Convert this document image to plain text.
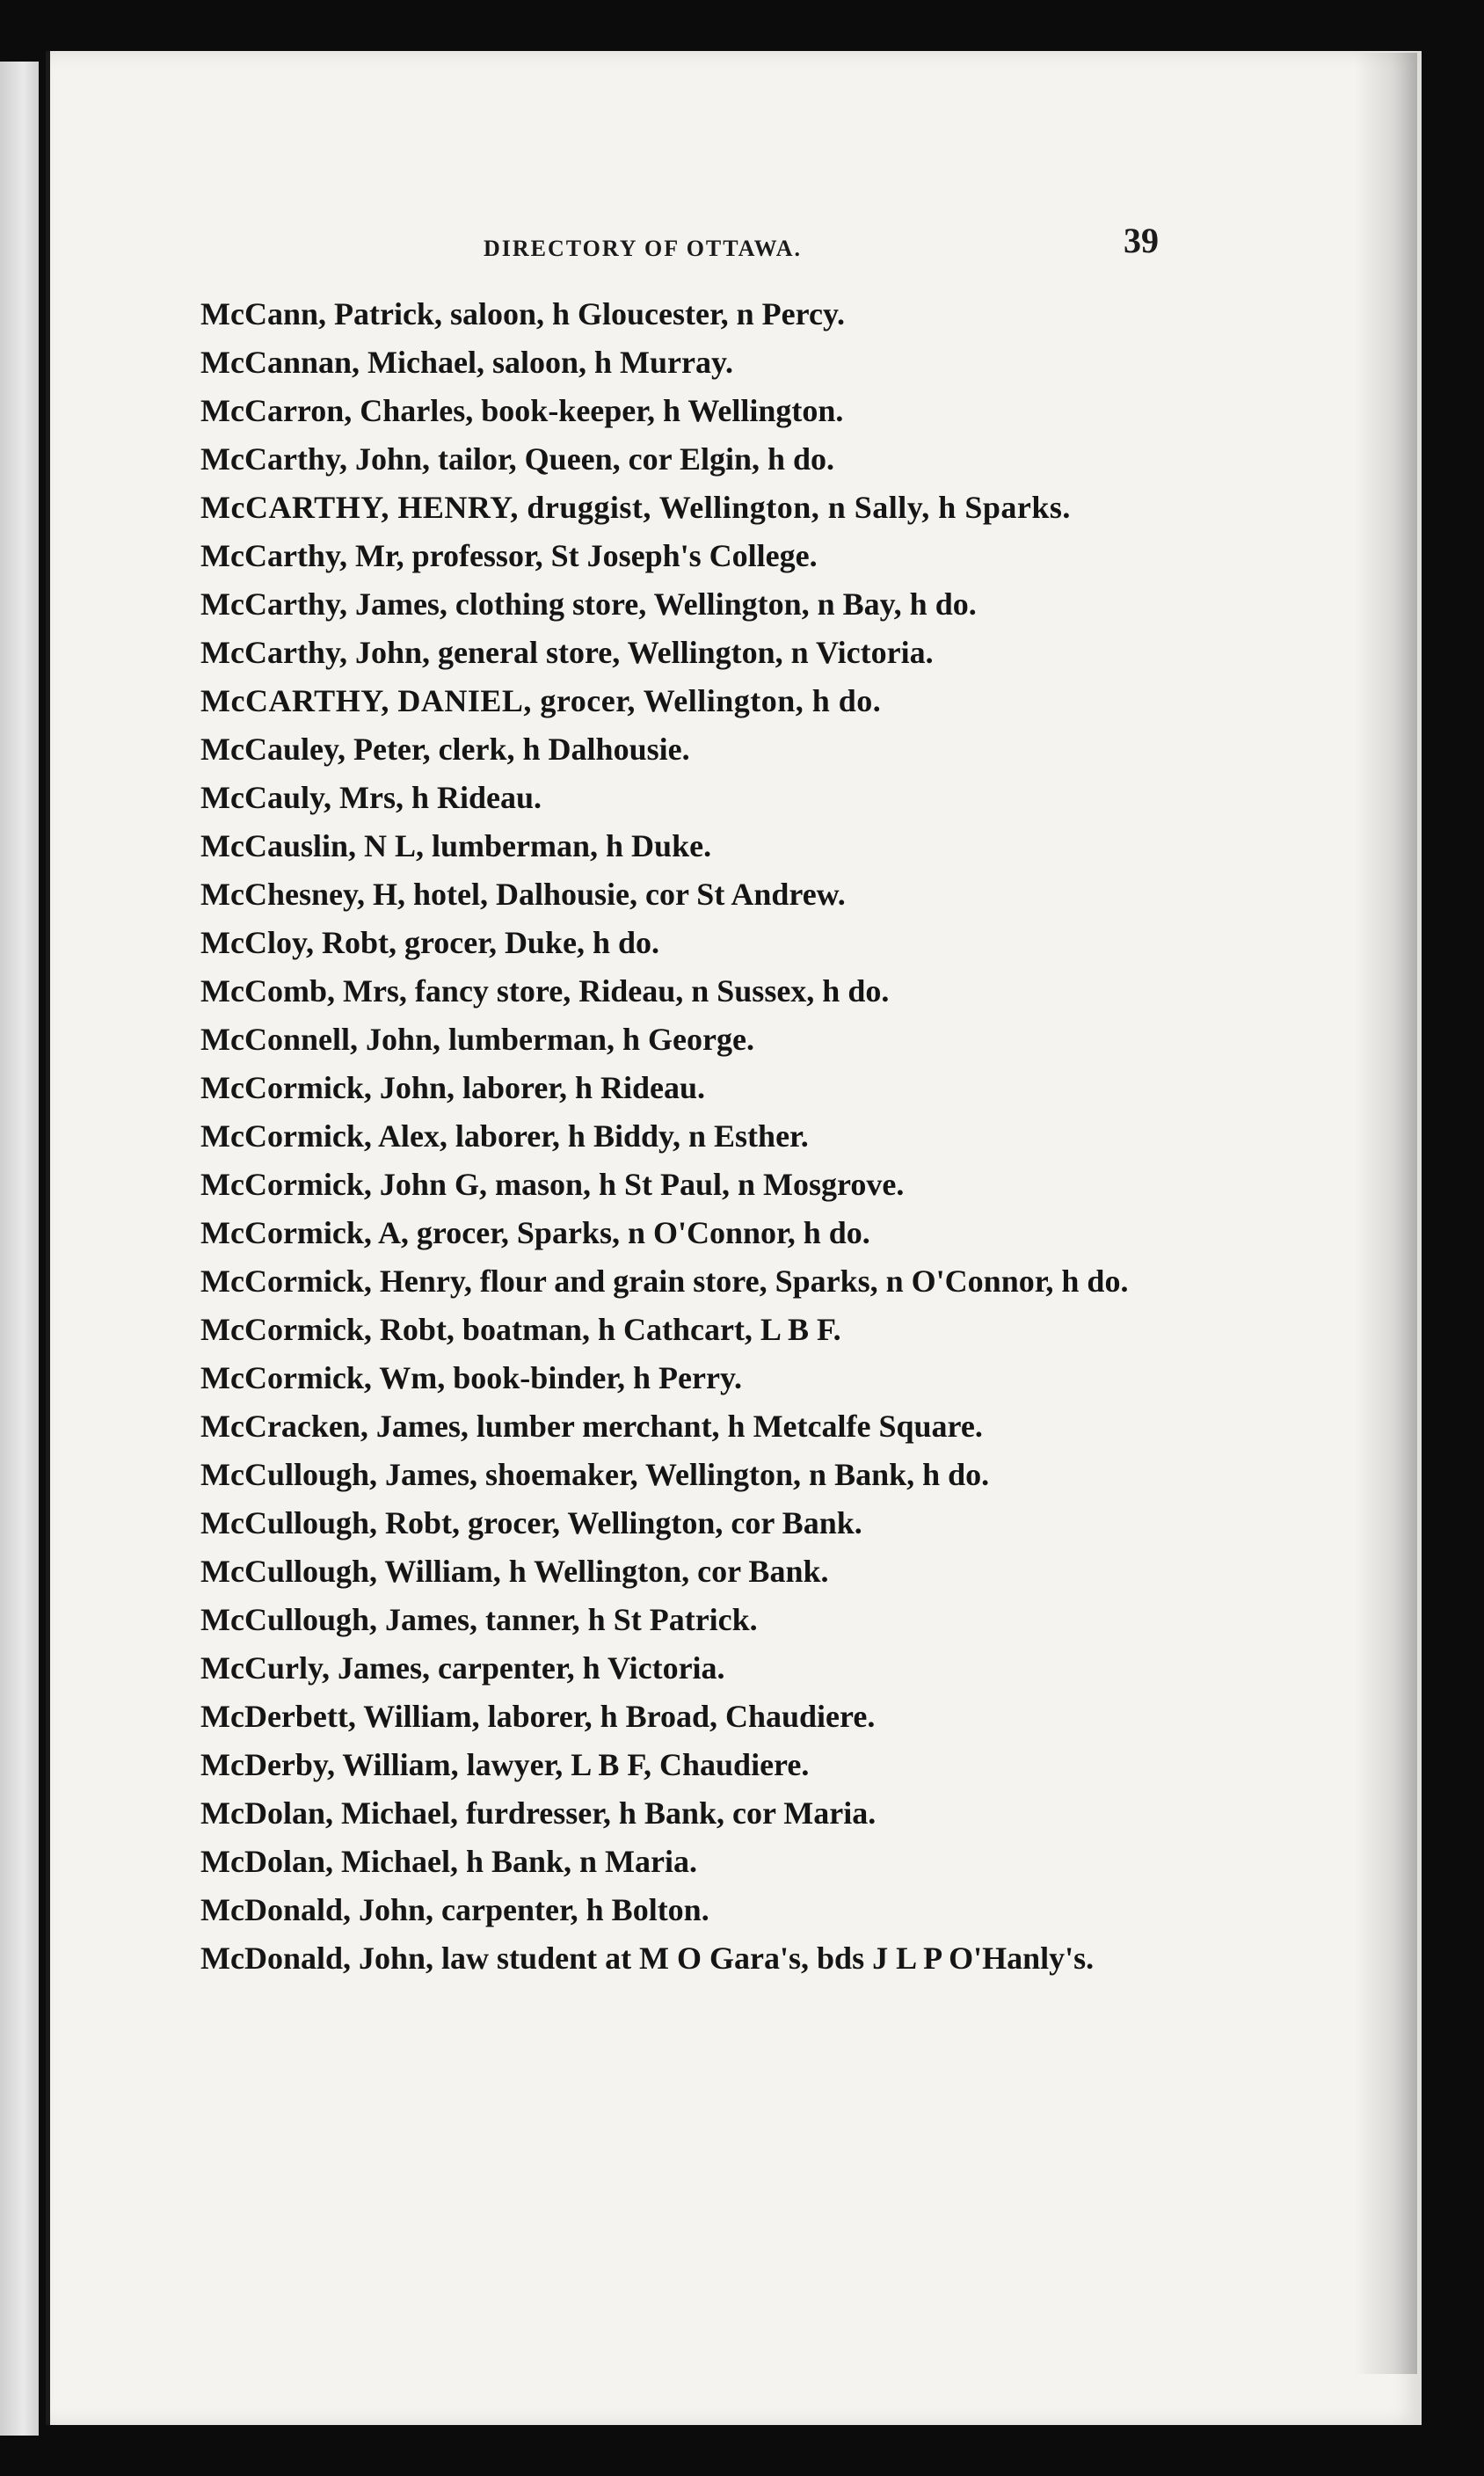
DIRECTORY OF OTTAWA.	39
McCann, Patrick, saloon, h Gloucester, n Percy.
McCannan, Michael, saloon, h Murray.
McCarron, Charles, book-keeper, h Wellington.
McCarthy, John, tailor, Queen, cor Elgin, h do.
McCARTHY, HENRY, druggist, Wellington, n Sally, h Sparks.
McCarthy, Mr, professor, St Joseph's College.
McCarthy, James, clothing store, Wellington, n Bay, h do.
McCarthy, John, general store, Wellington, n Victoria.
McCARTHY, DANIEL, grocer, Wellington, h do.
McCauley, Peter, clerk, h Dalhousie.
McCauly, Mrs, h Rideau.
McCauslin, N L, lumberman, h Duke.
McChesney, H, hotel, Dalhousie, cor St Andrew.
McCloy, Robt, grocer, Duke, h do.
McComb, Mrs, fancy store, Rideau, n Sussex, h do.
McConnell, John, lumberman, h George.
McCormick, John, laborer, h Rideau.
McCormick, Alex, laborer, h Biddy, n Esther.
McCormick, John G, mason, h St Paul, n Mosgrove.
McCormick, A, grocer, Sparks, n O'Connor, h do.
McCormick, Henry, flour and grain store, Sparks, n O'Connor, h do.
McCormick, Robt, boatman, h Cathcart, L B F.
McCormick, Wm, book-binder, h Perry.
McCracken, James, lumber merchant, h Metcalfe Square.
McCullough, James, shoemaker, Wellington, n Bank, h do.
McCullough, Robt, grocer, Wellington, cor Bank.
McCullough, William, h Wellington, cor Bank.
McCullough, James, tanner, h St Patrick.
McCurly, James, carpenter, h Victoria.
McDerbett, William, laborer, h Broad, Chaudiere.
McDerby, William, lawyer, L B F, Chaudiere.
McDolan, Michael, furdresser, h Bank, cor Maria.
McDolan, Michael, h Bank, n Maria.
McDonald, John, carpenter, h Bolton.
McDonald, John, law student at M O Gara's, bds J L P O'Hanly's.
